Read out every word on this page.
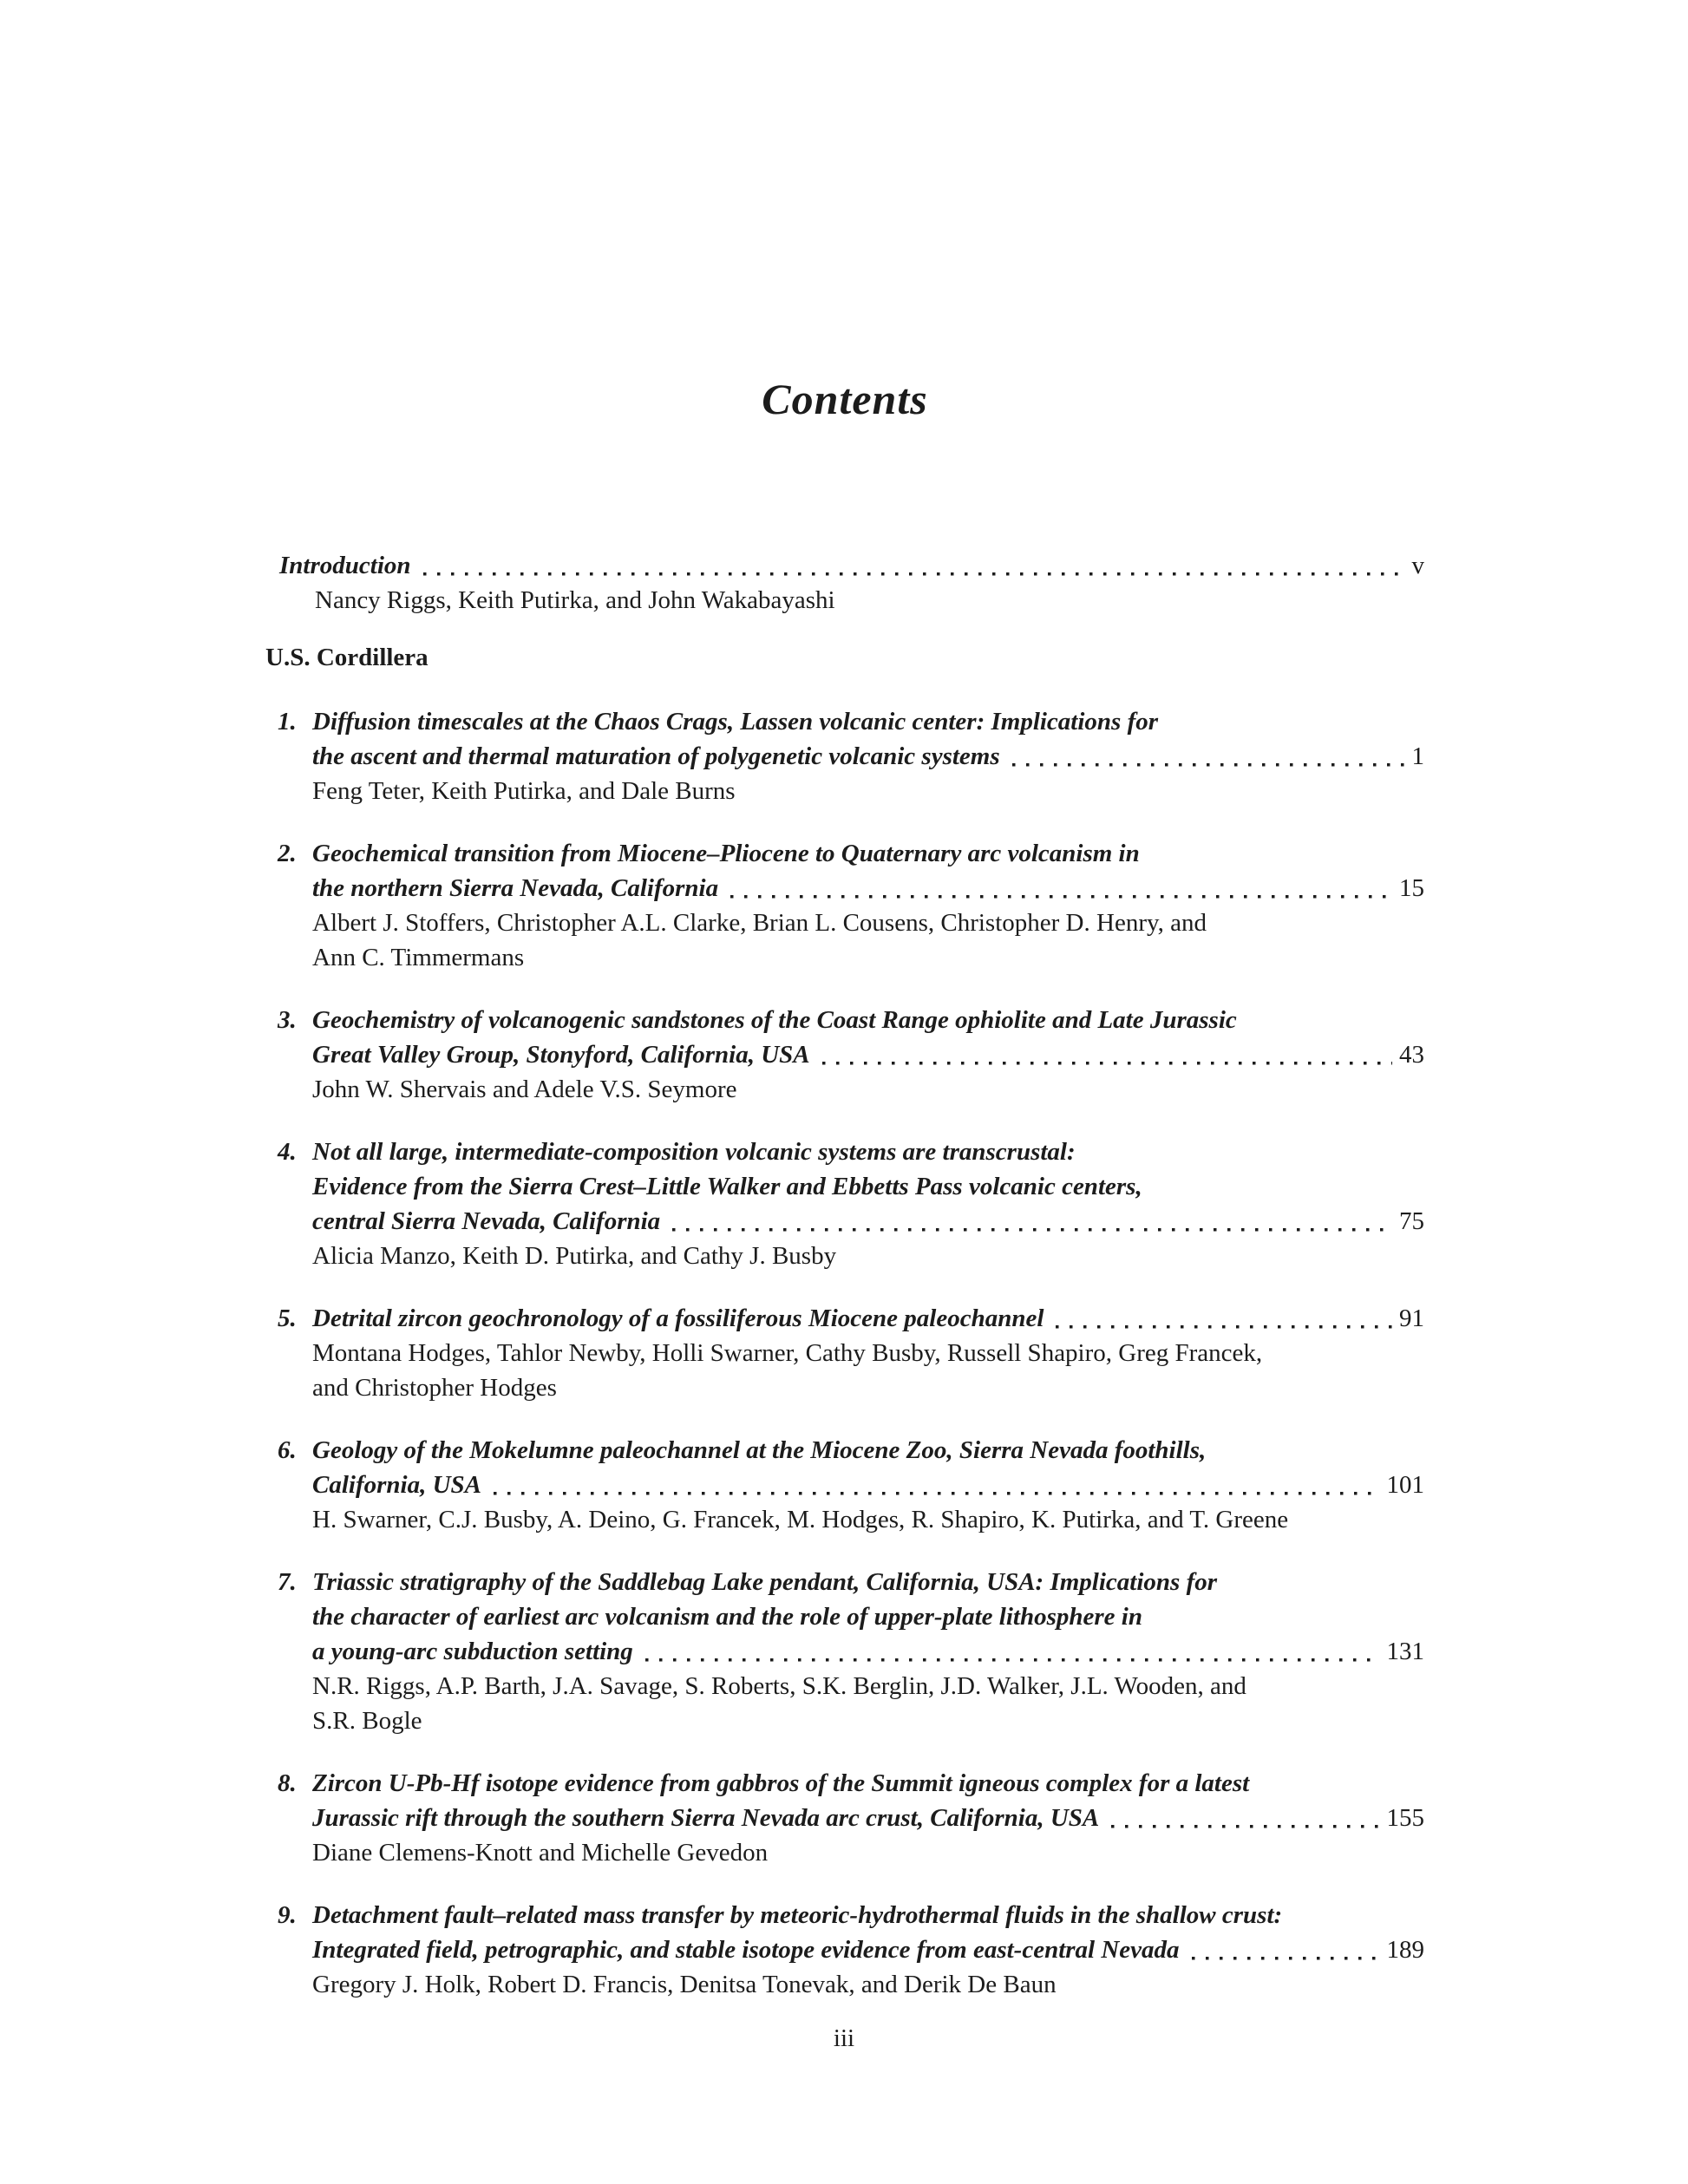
Contents
Introduction	v
Nancy Riggs, Keith Putirka, and John Wakabayashi
U.S. Cordillera
1. Diffusion timescales at the Chaos Crags, Lassen volcanic center: Implications for
the ascent and thermal maturation of polygenetic volcanic systems	1
Feng Teter, Keith Putirka, and Dale Burns
2. Geochemical transition from Miocene–Pliocene to Quaternary arc volcanism in
the northern Sierra Nevada, California	15
Albert J. Stoffers, Christopher A.L. Clarke, Brian L. Cousens, Christopher D. Henry, and
Ann C. Timmermans
3. Geochemistry of volcanogenic sandstones of the Coast Range ophiolite and Late Jurassic
Great Valley Group, Stonyford, California, USA	43
John W. Shervais and Adele V.S. Seymore
4. Not all large, intermediate-composition volcanic systems are transcrustal:
Evidence from the Sierra Crest–Little Walker and Ebbetts Pass volcanic centers,
central Sierra Nevada, California	75
Alicia Manzo, Keith D. Putirka, and Cathy J. Busby
5. Detrital zircon geochronology of a fossiliferous Miocene paleochannel	91
Montana Hodges, Tahlor Newby, Holli Swarner, Cathy Busby, Russell Shapiro, Greg Francek,
and Christopher Hodges
6. Geology of the Mokelumne paleochannel at the Miocene Zoo, Sierra Nevada foothills,
California, USA	101
H. Swarner, C.J. Busby, A. Deino, G. Francek, M. Hodges, R. Shapiro, K. Putirka, and T. Greene
7. Triassic stratigraphy of the Saddlebag Lake pendant, California, USA: Implications for
the character of earliest arc volcanism and the role of upper-plate lithosphere in
a young-arc subduction setting	131
N.R. Riggs, A.P. Barth, J.A. Savage, S. Roberts, S.K. Berglin, J.D. Walker, J.L. Wooden, and
S.R. Bogle
8. Zircon U-Pb-Hf isotope evidence from gabbros of the Summit igneous complex for a latest
Jurassic rift through the southern Sierra Nevada arc crust, California, USA	155
Diane Clemens-Knott and Michelle Gevedon
9. Detachment fault–related mass transfer by meteoric-hydrothermal fluids in the shallow crust:
Integrated field, petrographic, and stable isotope evidence from east-central Nevada	189
Gregory J. Holk, Robert D. Francis, Denitsa Tonevak, and Derik De Baun
iii
